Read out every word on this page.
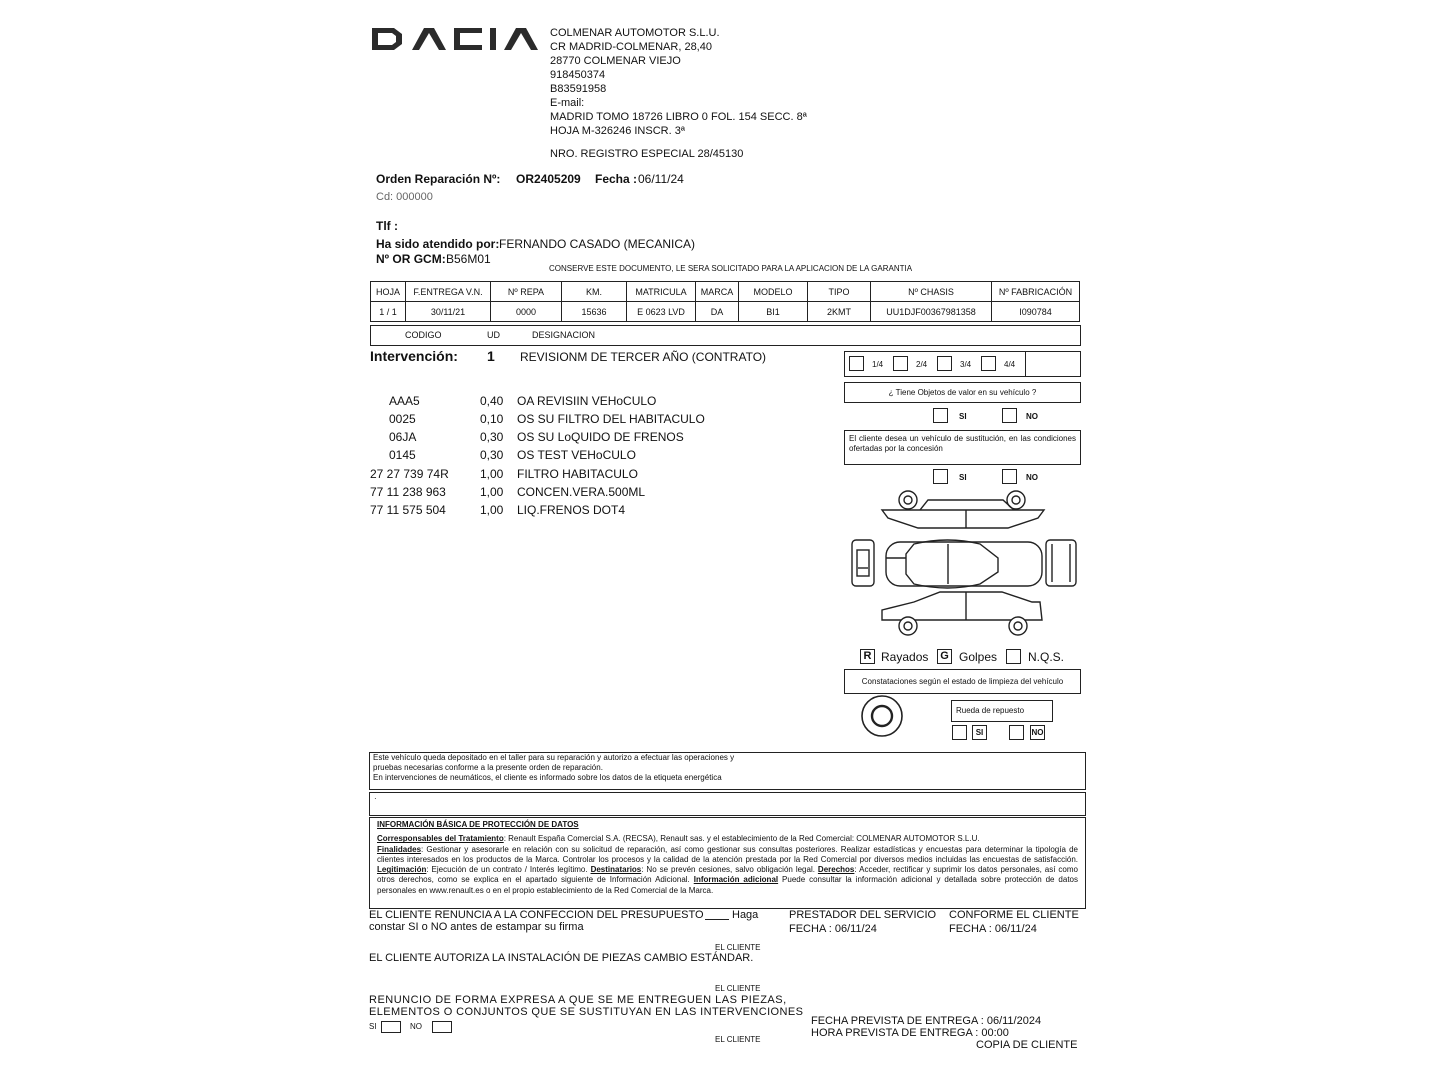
COLMENAR AUTOMOTOR S.L.U.
CR MADRID-COLMENAR, 28,40
28770 COLMENAR VIEJO
918450374
B83591958
E-mail:
MADRID TOMO 18726 LIBRO 0 FOL. 154 SECC. 8ª
HOJA M-326246 INSCR. 3ª
NRO. REGISTRO ESPECIAL 28/45130
Orden Reparación Nº: OR2405209 Fecha : 06/11/24
Cd: 000000
Tlf :
Ha sido atendido por: FERNANDO CASADO (MECANICA)
Nº OR GCM: B56M01
CONSERVE ESTE DOCUMENTO, LE SERA SOLICITADO PARA LA APLICACION DE LA GARANTIA
HOJA	F.ENTREGA V.N.	Nº REPA	KM.	MATRICULA	MARCA	MODELO	TIPO	Nº CHASIS	Nº FABRICACIÓN
1 / 1	30/11/21	0000	15636	E 0623 LVD	DA	BI1	2KMT	UU1DJF00367981358	I090784
CODIGO	UD	DESIGNACION
Intervención: 1 REVISIONM DE TERCER AÑO (CONTRATO)
AAA5	0,40 OA REVISIIN VEHoCULO
0025	0,10 OS SU FILTRO DEL HABITACULO
06JA	0,30 OS SU LoQUIDO DE FRENOS
0145	0,30 OS TEST VEHoCULO
27 27 739 74R	1,00 FILTRO HABITACULO
77 11 238 963	1,00 CONCEN.VERA.500ML
77 11 575 504	1,00 LIQ.FRENOS DOT4
1/4	2/4	3/4	4/4
¿ Tiene Objetos de valor en su vehículo ?
SI	NO
El cliente desea un vehículo de sustitución, en las condiciones ofertadas por la concesión
SI	NO
R Rayados G Golpes	N.Q.S.
Constataciones según el estado de limpieza del vehículo
Rueda de repuesto
SI	NO
Este vehículo queda depositado en el taller para su reparación y autorizo a efectuar las operaciones y
pruebas necesarias conforme a la presente orden de reparación.
En intervenciones de neumáticos, el cliente es informado sobre los datos de la etiqueta energética
·
INFORMACIÓN BÁSICA DE PROTECCIÓN DE DATOS
Corresponsables del Tratamiento: Renault España Comercial S.A. (RECSA), Renault sas. y el establecimiento de la Red Comercial: COLMENAR AUTOMOTOR S.L.U.
Finalidades: Gestionar y asesorarle en relación con su solicitud de reparación, así como gestionar sus consultas posteriores. Realizar estadísticas y encuestas para determinar la tipología de clientes interesados en los productos de la Marca. Controlar los procesos y la calidad de la atención prestada por la Red Comercial por diversos medios incluidas las encuestas de satisfacción. Legitimación: Ejecución de un contrato / Interés legítimo. Destinatarios: No se prevén cesiones, salvo obligación legal. Derechos: Acceder, rectificar y suprimir los datos personales, así como otros derechos, como se explica en el apartado siguiente de Información Adicional. Información adicional Puede consultar la información adicional y detallada sobre protección de datos personales en www.renault.es o en el propio establecimiento de la Red Comercial de la Marca.
EL CLIENTE RENUNCIA A LA CONFECCION DEL PRESUPUESTO	Haga
constar SI o NO antes de estampar su firma
PRESTADOR DEL SERVICIO
FECHA : 06/11/24
CONFORME EL CLIENTE
FECHA : 06/11/24
EL CLIENTE
EL CLIENTE AUTORIZA LA INSTALACIÓN DE PIEZAS CAMBIO ESTÁNDAR.
EL CLIENTE
RENUNCIO DE FORMA EXPRESA A QUE SE ME ENTREGUEN LAS PIEZAS,
ELEMENTOS O CONJUNTOS QUE SE SUSTITUYAN EN LAS INTERVENCIONES
SI	NO
EL CLIENTE
FECHA PREVISTA DE ENTREGA : 06/11/2024
HORA PREVISTA DE ENTREGA : 00:00
COPIA DE CLIENTE
